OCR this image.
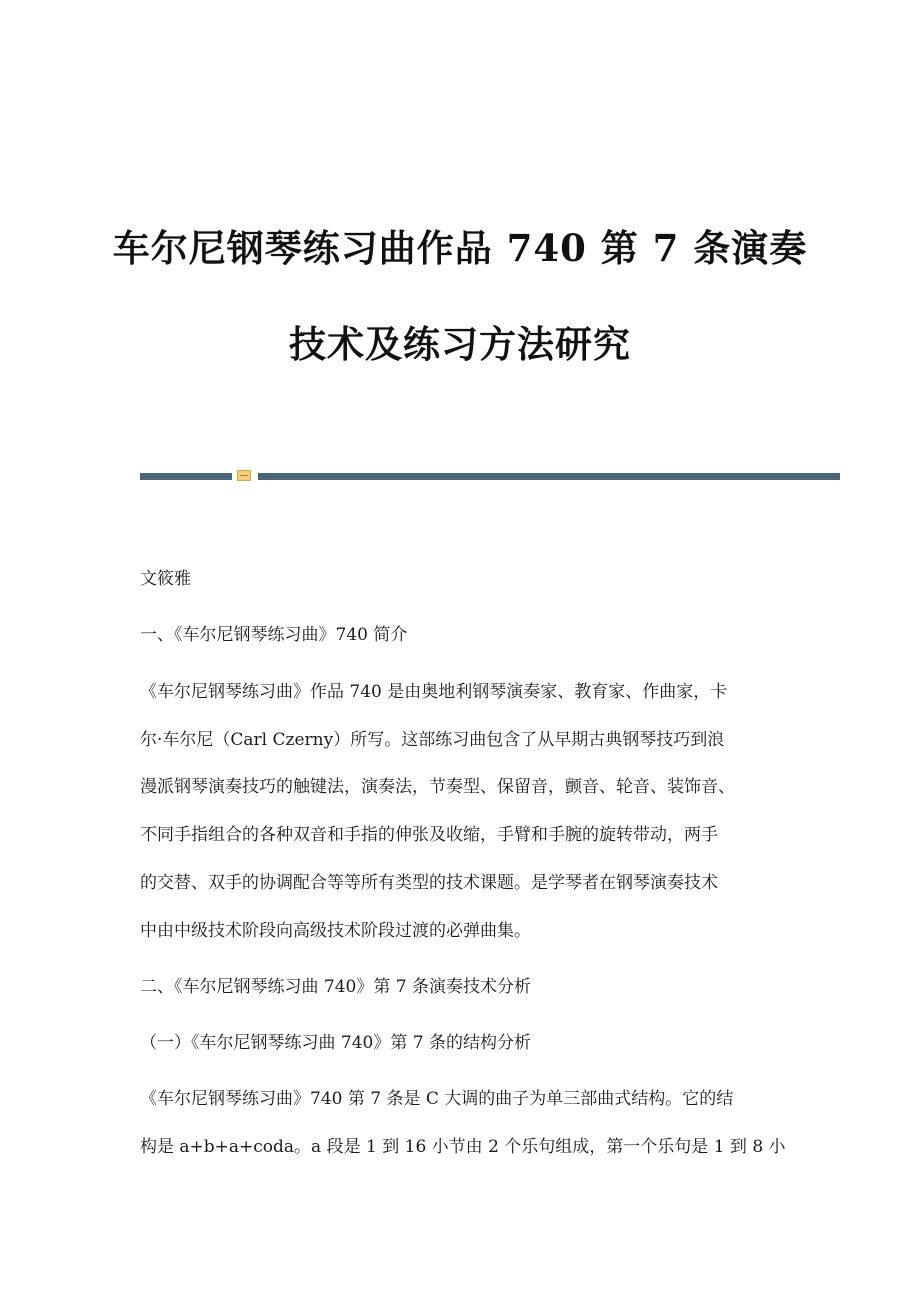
车尔尼钢琴练习曲作品 740 第 7 条演奏
技术及练习方法研究
文筱雅
一、《车尔尼钢琴练习曲》740 简介
《车尔尼钢琴练习曲》作品 740 是由奥地利钢琴演奏家、教育家、作曲家，卡
尔·车尔尼（Carl Czerny）所写。这部练习曲包含了从早期古典钢琴技巧到浪
漫派钢琴演奏技巧的触键法，演奏法，节奏型、保留音，颤音、轮音、装饰音、
不同手指组合的各种双音和手指的伸张及收缩，手臂和手腕的旋转带动，两手
的交替、双手的协调配合等等所有类型的技术课题。是学琴者在钢琴演奏技术
中由中级技术阶段向高级技术阶段过渡的必弹曲集。
二、《车尔尼钢琴练习曲 740》第 7 条演奏技术分析
（一）《车尔尼钢琴练习曲 740》第 7 条的结构分析
《车尔尼钢琴练习曲》740 第 7 条是 C 大调的曲子为单三部曲式结构。它的结
构是 a+b+a+coda。a 段是 1 到 16 小节由 2 个乐句组成，第一个乐句是 1 到 8 小
